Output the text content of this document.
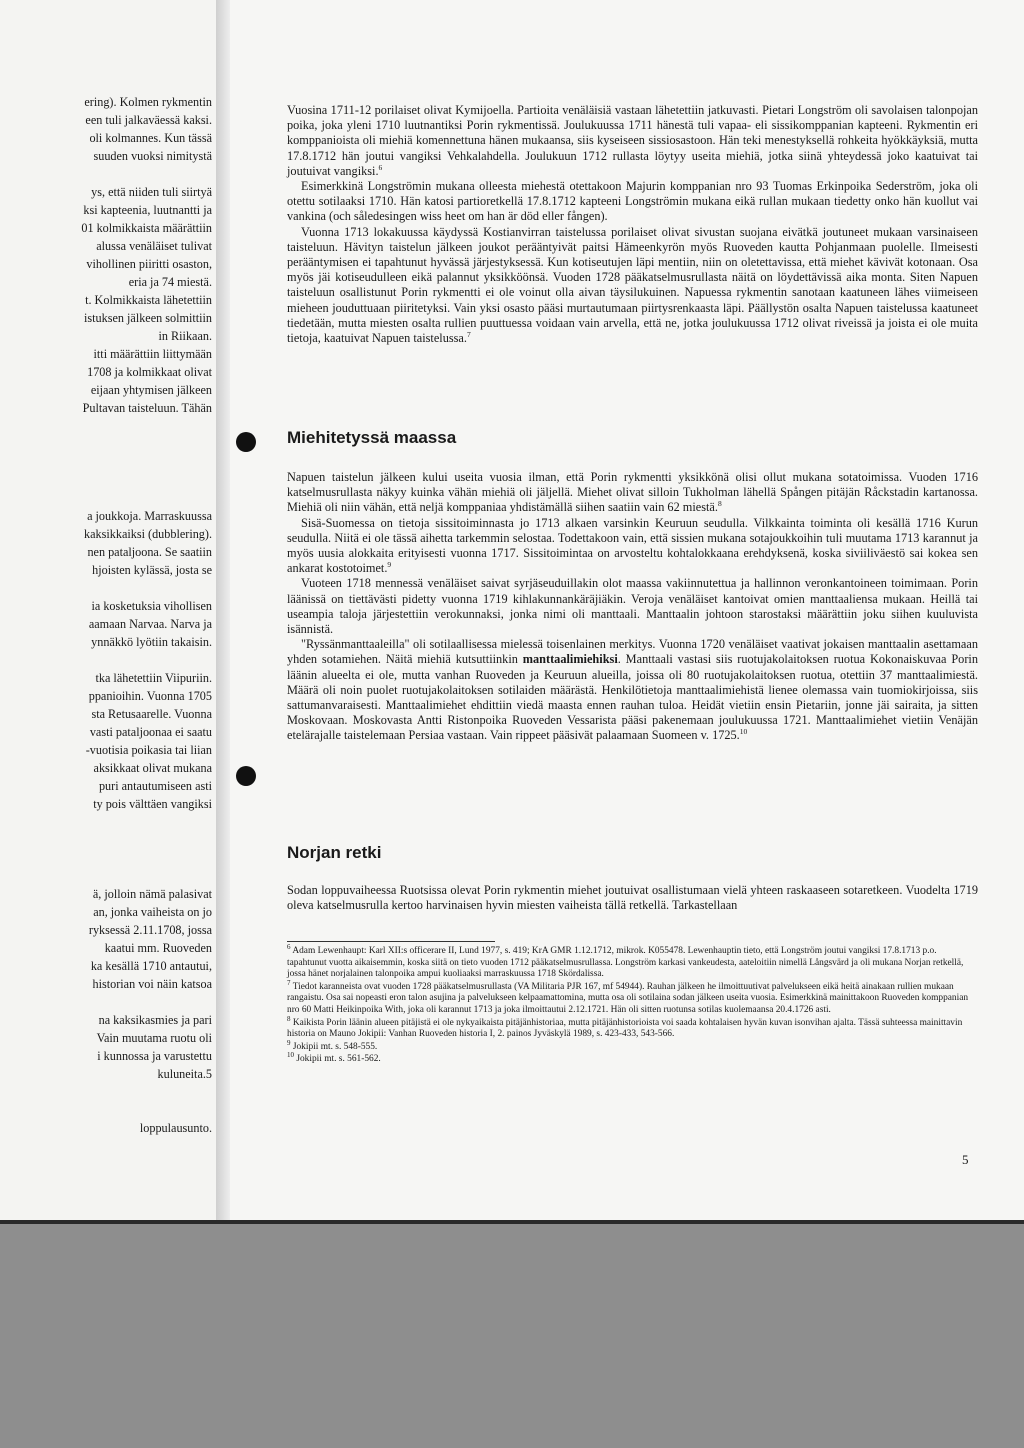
ering). Kolmen rykmentin
een tuli jalkaväessä kaksi.
oli kolmannes. Kun tässä
suuden vuoksi nimitystä
ys, että niiden tuli siirtyä
ksi kapteenia, luutnantti ja
01 kolmikkaista määrättiin
alussa venäläiset tulivat
vihollinen piiritti osaston,
eria ja 74 miestä.
t. Kolmikkaista lähetettiin
istuksen jälkeen solmittiin
in Riikaan.
itti määrättiin liittymään
1708 ja kolmikkaat olivat
eijaan yhtymisen jälkeen
Pultavan taisteluun. Tähän
a joukkoja. Marraskuussa
kaksikkaiksi (dubblering).
nen pataljoona. Se saatiin
hjoisten kylässä, josta se
ia kosketuksia vihollisen
aamaan Narvaa. Narva ja
ynnäkkö lyötiin takaisin.
tka lähetettiin Viipuriin.
ppanioihin. Vuonna 1705
sta Retusaarelle. Vuonna
vasti pataljoonaa ei saatu
-vuotisia poikasia tai liian
aksikkaat olivat mukana
puri antautumiseen asti
ty pois välttäen vangiksi
ä, jolloin nämä palasivat
an, jonka vaiheista on jo
ryksessä 2.11.1708, jossa
kaatui mm. Ruoveden
ka kesällä 1710 antautui,
historian voi näin katsoa
na kaksikasmies ja pari
Vain muutama ruotu oli
i kunnossa ja varustettu
kuluneita.5
loppulausunto.

Vuosina 1711-12 porilaiset olivat Kymijoella. Partioita venäläisiä vastaan lähetettiin jatkuvasti. Pietari Longström oli savolaisen talonpojan poika, joka yleni 1710 luutnantiksi Porin rykmentissä. Joulukuussa 1711 hänestä tuli vapaa- eli sissikomppanian kapteeni. Rykmentin eri komppanioista oli miehiä komennettuna hänen mukaansa, siis kyseiseen sissiosastoon. Hän teki menestyksellä rohkeita hyökkäyksiä, mutta 17.8.1712 hän joutui vangiksi Vehkalahdella. Joulukuun 1712 rullasta löytyy useita miehiä, jotka siinä yhteydessä joko kaatuivat tai joutuivat vangiksi.$^6$

Esimerkkinä Longströmin mukana olleesta miehestä otettakoon Majurin komppanian nro 93 Tuomas Erkinpoika Sederström, joka oli otettu sotilaaksi 1710. Hän katosi partioretkellä 17.8.1712 kapteeni Longströmin mukana eikä rullan mukaan tiedetty onko hän kuollut vai vankina (och såledesingen wiss heet om han är död eller fången).

Vuonna 1713 lokakuussa käydyssä Kostianvirran taistelussa porilaiset olivat sivustan suojana eivätkä joutuneet mukaan varsinaiseen taisteluun. Hävityn taistelun jälkeen joukot perääntyivät paitsi Hämeenkyrön myös Ruoveden kautta Pohjanmaan puolelle. Ilmeisesti perääntymisen ei tapahtunut hyvässä järjestyksessä. Kun kotiseutujen läpi mentiin, niin on oletettavissa, että miehet kävivät kotonaan. Osa myös jäi kotiseudulleen eikä palannut yksikköönsä. Vuoden 1728 pääkatselmusrullasta näitä on löydettävissä aika monta. Siten Napuen taisteluun osallistunut Porin rykmentti ei ole voinut olla aivan täysilukuinen. Napuessa rykmentin sanotaan kaatuneen lähes viimeiseen mieheen jouduttuaan piiritetyksi. Vain yksi osasto pääsi murtautumaan piirtysrenkaasta läpi. Päällystön osalta Napuen taistelussa kaatuneet tiedetään, mutta miesten osalta rullien puuttuessa voidaan vain arvella, että ne, jotka joulukuussa 1712 olivat riveissä ja joista ei ole muita tietoja, kaatuivat Napuen taistelussa.$^7$

Miehitetyssä maassa

Napuen taistelun jälkeen kului useita vuosia ilman, että Porin rykmentti yksikkönä olisi ollut mukana sotatoimissa. Vuoden 1716 katselmusrullasta näkyy kuinka vähän miehiä oli jäljellä. Miehet olivat silloin Tukholman lähellä Spången pitäjän Råckstadin kartanossa. Miehiä oli niin vähän, että neljä komppaniaa yhdistämällä siihen saatiin vain 62 miestä.$^8$

Sisä-Suomessa on tietoja sissitoiminnasta jo 1713 alkaen varsinkin Keuruun seudulla. Vilkkainta toiminta oli kesällä 1716 Kurun seudulla. Niitä ei ole tässä aihetta tarkemmin selostaa. Todettakoon vain, että sissien mukana sotajoukkoihin tuli muutama 1713 karannut ja myös uusia alokkaita erityisesti vuonna 1717. Sissitoimintaa on arvosteltu kohtalokkaana erehdyksenä, koska siviiliväestö sai kokea sen ankarat kostotoimet.$^9$

Vuoteen 1718 mennessä venäläiset saivat syrjäseuduillakin olot maassa vakiinnutettua ja hallinnon veronkantoineen toimimaan. Porin läänissä on tiettävästi pidetty vuonna 1719 kihlakunnankäräjiäkin. Veroja venäläiset kantoivat omien manttaaliensa mukaan. Heillä tai useampia taloja järjestettiin verokunnaksi, jonka nimi oli manttaali. Manttaalin johtoon starostaksi määrättiin joku siihen kuuluvista isännistä.

"Ryssänmanttaaleilla" oli sotilaallisessa mielessä toisenlainen merkitys. Vuonna 1720 venäläiset vaativat jokaisen manttaalin asettamaan yhden sotamiehen. Näitä miehiä kutsuttiinkin manttaalimiehiksi. Manttaali vastasi siis ruotujakolaitoksen ruotua Kokonaiskuvaa Porin läänin alueelta ei ole, mutta vanhan Ruoveden ja Keuruun alueilla, joissa oli 80 ruotujakolaitoksen ruotua, otettiin 37 manttaalimiestä. Määrä oli noin puolet ruotujakolaitoksen sotilaiden määrästä. Henkilötietoja manttaalimiehistä lienee olemassa vain tuomiokirjoissa, siis sattumanvaraisesti. Manttaalimiehet ehdittiin viedä maasta ennen rauhan tuloa. Heidät vietiin ensin Pietariin, jonne jäi sairaita, ja sitten Moskovaan. Moskovasta Antti Ristonpoika Ruoveden Vessarista pääsi pakenemaan joulukuussa 1721. Manttaalimiehet vietiin Venäjän etelärajalle taistelemaan Persiaa vastaan. Vain rippeet pääsivät palaamaan Suomeen v. 1725.10

Norjan retki

Sodan loppuvaiheessa Ruotsissa olevat Porin rykmentin miehet joutuivat osallistumaan vielä yhteen raskaaseen sotaretkeen. Vuodelta 1719 oleva katselmusrulla kertoo harvinaisen hyvin miesten vaiheista tällä retkellä. Tarkastellaan

$^6$ Adam Lewenhaupt: Karl XII:s officerare II, Lund 1977, s. 419; KrA GMR 1.12.1712, mikrok. K055478. Lewenhauptin tieto, että Longström joutui vangiksi 17.8.1713 p.o. tapahtunut vuotta aikaisemmin, koska siitä on tieto vuoden 1712 pääkatselmusrullassa. Longström karkasi vankeudesta, aateloitiin nimellä Långsvärd ja oli mukana Norjan retkellä, jossa hänet norjalainen talonpoika ampui kuoliaaksi marraskuussa 1718 Skördalissa.

$^7$ Tiedot karanneista ovat vuoden 1728 pääkatselmusrullasta (VA Militaria PJR 167, mf 54944). Rauhan jälkeen he ilmoittuutivat palvelukseen eikä heitä ainakaan rullien mukaan rangaistu. Osa sai nopeasti eron talon asujina ja palvelukseen kelpaamattomina, mutta osa oli sotilaina sodan jälkeen useita vuosia. Esimerkkinä mainittakoon Ruoveden komppanian nro 60 Matti Heikinpoika With, joka oli karannut 1713 ja joka ilmoittautui 2.12.1721. Hän oli sitten ruotunsa sotilas kuolemaansa 20.4.1726 asti.

$^8$ Kaikista Porin läänin alueen pitäjistä ei ole nykyaikaista pitäjänhistoriaa, mutta pitäjänhistorioista voi saada kohtalaisen hyvän kuvan isonvihan ajalta. Tässä suhteessa mainittavin historia on Mauno Jokipii: Vanhan Ruoveden historia I, 2. painos Jyväskylä 1989, s. 423-433, 543-566.

$^9$ Jokipii mt. s. 548-555.

$^{10}$ Jokipii mt. s. 561-562.

5
